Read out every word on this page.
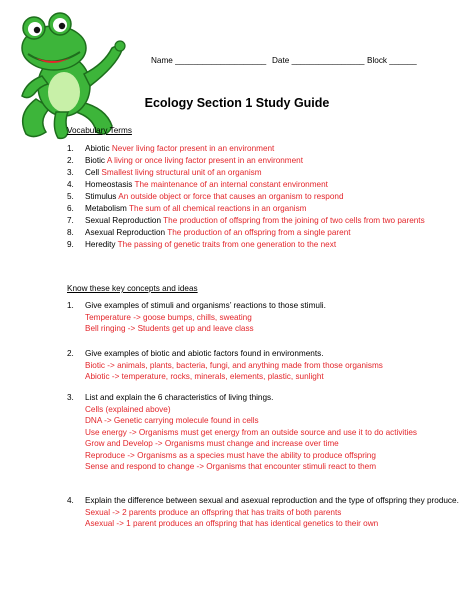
Name ____________________ Date ________________ Block ______
Ecology Section 1 Study Guide
Vocabulary Terms
1. Abiotic Never living factor present in an environment
2. Biotic A living or once living factor present in an environment
3. Cell Smallest living structural unit of an organism
4. Homeostasis The maintenance of an internal constant environment
5. Stimulus An outside object or force that causes an organism to respond
6. Metabolism The sum of all chemical reactions in an organism
7. Sexual Reproduction The production of offspring from the joining of two cells from two parents
8. Asexual Reproduction The production of an offspring from a single parent
9. Heredity The passing of genetic traits from one generation to the next
Know these key concepts and ideas
1. Give examples of stimuli and organisms’ reactions to those stimuli.
Temperature -> goose bumps, chills, sweating
Bell ringing -> Students get up and leave class
2. Give examples of biotic and abiotic factors found in environments.
Biotic -> animals, plants, bacteria, fungi, and anything made from those organisms
Abiotic -> temperature, rocks, minerals, elements, plastic, sunlight
3. List and explain the 6 characteristics of living things.
Cells (explained above)
DNA -> Genetic carrying molecule found in cells
Use energy -> Organisms must get energy from an outside source and use it to do activities
Grow and Develop -> Organisms must change and increase over time
Reproduce -> Organisms as a species must have the ability to produce offspring
Sense and respond to change -> Organisms that encounter stimuli react to them
4. Explain the difference between sexual and asexual reproduction and the type of offspring they produce.
Sexual -> 2 parents produce an offspring that has traits of both parents
Asexual -> 1 parent produces an offspring that has identical genetics to their own
